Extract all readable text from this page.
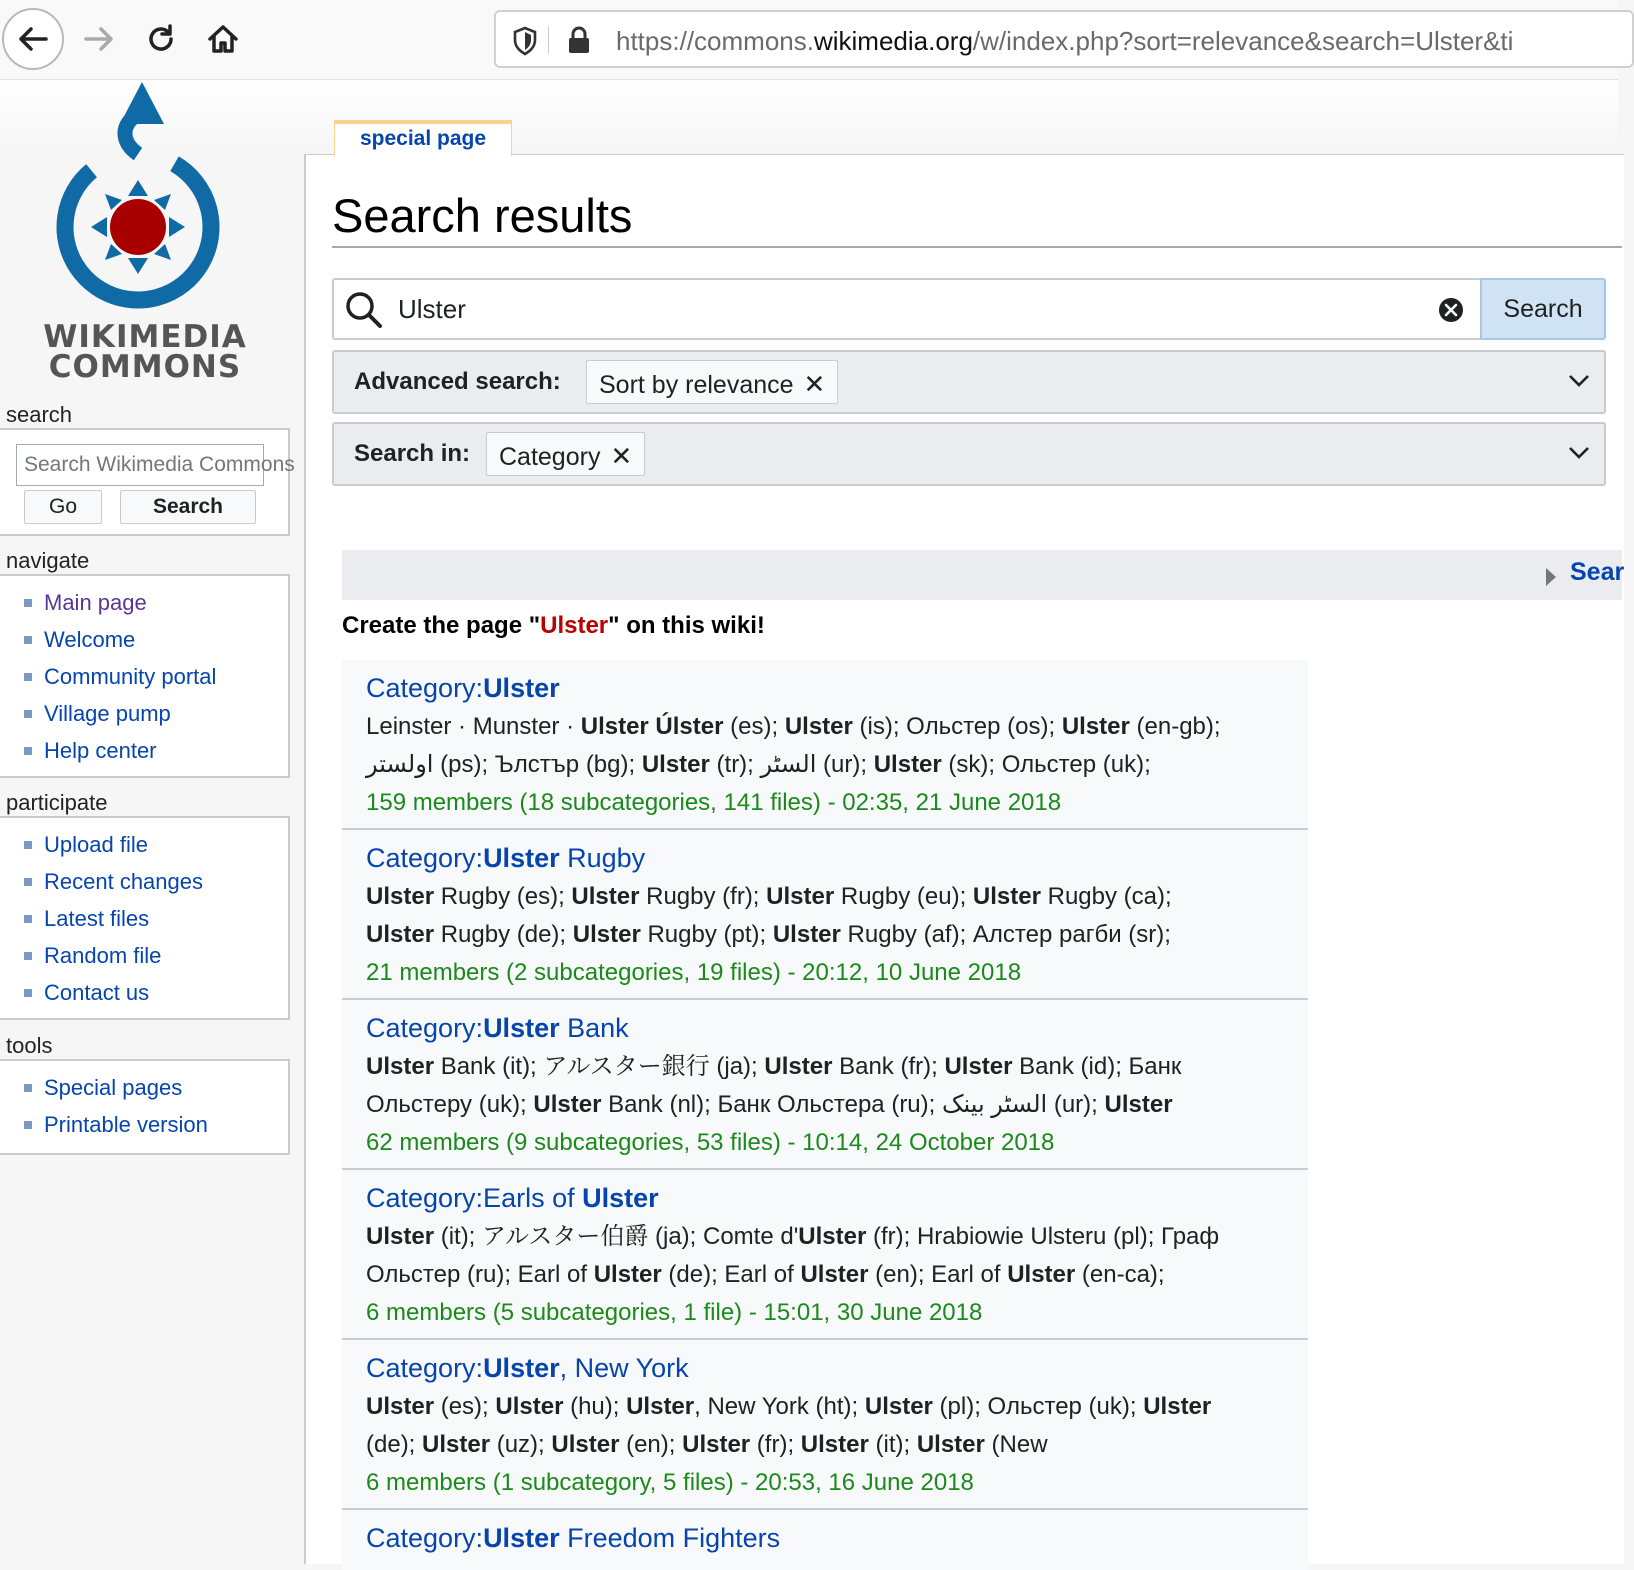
https://commons.wikimedia.org/w/index.php?sort=relevance&search=Ulster&ti
WIKIMEDIA
COMMONS
search
Search Wikimedia Commons
Go	Search
navigate
Main page
Welcome
Community portal
Village pump
Help center
participate
Upload file
Recent changes
Latest files
Random file
Contact us
tools
Special pages
Printable version
special page
Search results
Ulster	Search
Advanced search:	Sort by relevance ✕
Search in:	Category ✕
Sear
Create the page "Ulster" on this wiki!
Category:Ulster
Leinster · Munster · Ulster Úlster (es); Ulster (is); Ольстер (os); Ulster (en-gb);
اولستر (ps); Ълстър (bg); Ulster (tr); السٹر (ur); Ulster (sk); Ольстер (uk);
159 members (18 subcategories, 141 files) - 02:35, 21 June 2018
Category:Ulster Rugby
Ulster Rugby (es); Ulster Rugby (fr); Ulster Rugby (eu); Ulster Rugby (ca);
Ulster Rugby (de); Ulster Rugby (pt); Ulster Rugby (af); Алстер рагби (sr);
21 members (2 subcategories, 19 files) - 20:12, 10 June 2018
Category:Ulster Bank
Ulster Bank (it); アルスター銀行 (ja); Ulster Bank (fr); Ulster Bank (id); Банк
Ольстеру (uk); Ulster Bank (nl); Банк Ольстера (ru); السٹر بینک (ur); Ulster
62 members (9 subcategories, 53 files) - 10:14, 24 October 2018
Category:Earls of Ulster
Ulster (it); アルスター伯爵 (ja); Comte d'Ulster (fr); Hrabiowie Ulsteru (pl); Граф
Ольстер (ru); Earl of Ulster (de); Earl of Ulster (en); Earl of Ulster (en-ca);
6 members (5 subcategories, 1 file) - 15:01, 30 June 2018
Category:Ulster, New York
Ulster (es); Ulster (hu); Ulster, New York (ht); Ulster (pl); Ольстер (uk); Ulster
(de); Ulster (uz); Ulster (en); Ulster (fr); Ulster (it); Ulster (New
6 members (1 subcategory, 5 files) - 20:53, 16 June 2018
Category:Ulster Freedom Fighters
